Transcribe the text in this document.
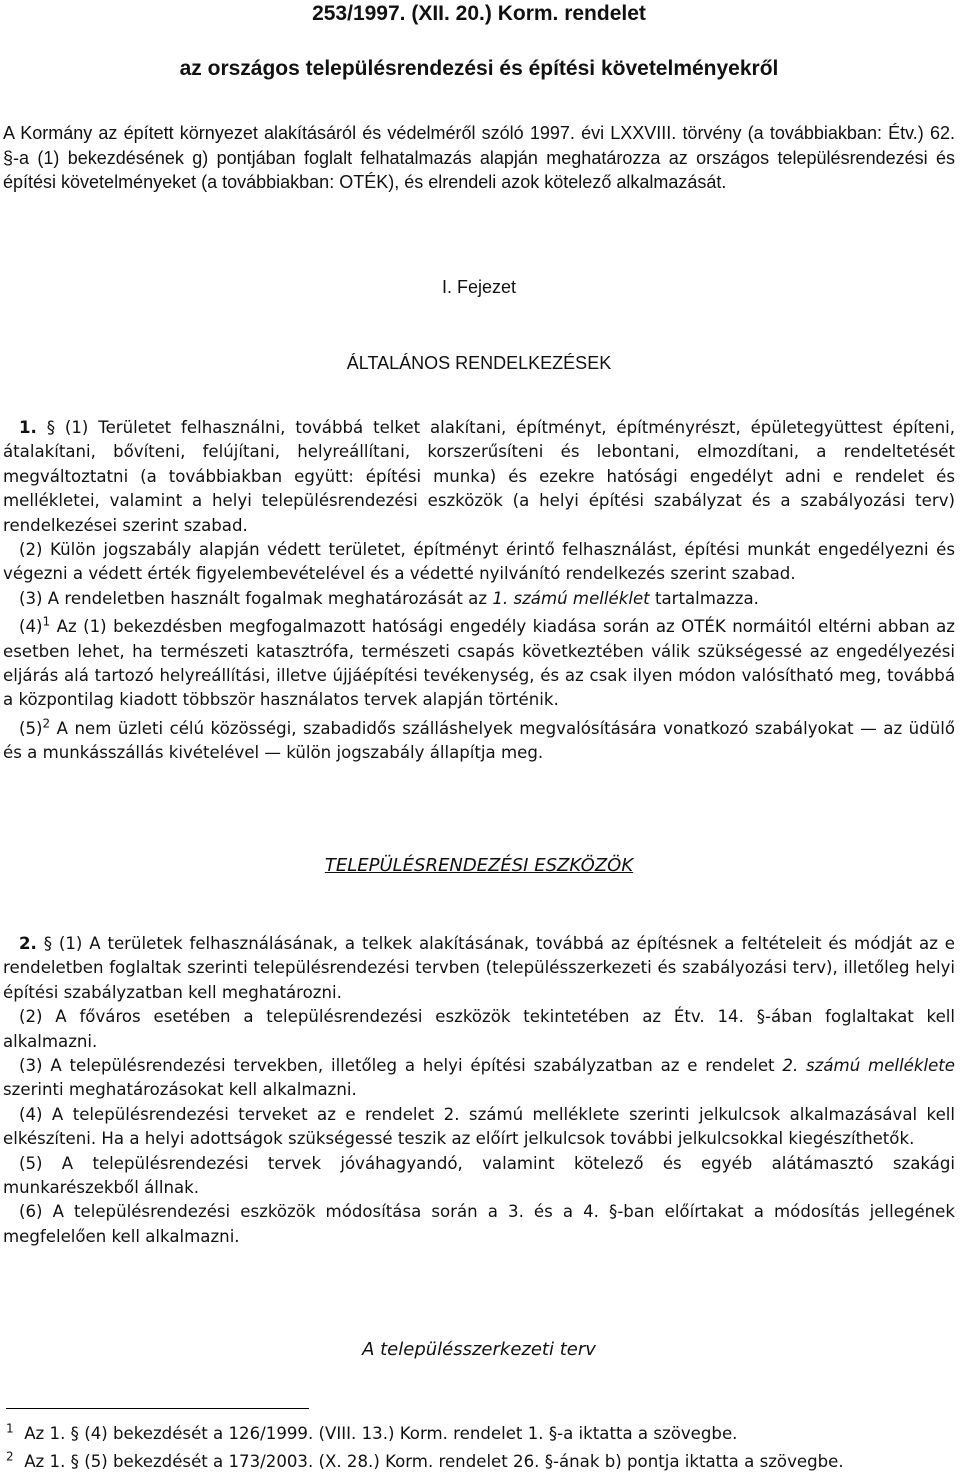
253/1997. (XII. 20.) Korm. rendelet
az országos településrendezési és építési követelményekről
A Kormány az épített környezet alakításáról és védelméről szóló 1997. évi LXXVIII. törvény (a továbbiakban: Étv.) 62. §-a (1) bekezdésének g) pontjában foglalt felhatalmazás alapján meghatározza az országos településrendezési és építési követelményeket (a továbbiakban: OTÉK), és elrendeli azok kötelező alkalmazását.
I. Fejezet
ÁLTALÁNOS RENDELKEZÉSEK

1. § (1) Területet felhasználni, továbbá telket alakítani, építményt, építményrészt, épületegyüttest építeni, átalakítani, bővíteni, felújítani, helyreállítani, korszerűsíteni és lebontani, elmozdítani, a rendeltetését megváltoztatni (a továbbiakban együtt: építési munka) és ezekre hatósági engedélyt adni e rendelet és mellékletei, valamint a helyi településrendezési eszközök (a helyi építési szabályzat és a szabályozási terv) rendelkezései szerint szabad.

(2) Külön jogszabály alapján védett területet, építményt érintő felhasználást, építési munkát engedélyezni és végezni a védett érték figyelembevételével és a védetté nyilvánító rendelkezés szerint szabad.

(3) A rendeletben használt fogalmak meghatározását az 1. számú melléklet tartalmazza.

$(4)^1$ Az (1) bekezdésben megfogalmazott hatósági engedély kiadása során az OTÉK normáitól eltérni abban az esetben lehet, ha természeti katasztrófa, természeti csapás következtében válik szükségessé az engedélyezési eljárás alá tartozó helyreállítási, illetve újjáépítési tevékenység, és az csak ilyen módon valósítható meg, továbbá a központilag kiadott többször használatos tervek alapján történik.

$(5)^2$ A nem üzleti célú közösségi, szabadidős szálláshelyek megvalósítására vonatkozó szabályokat — az üdülő és a munkásszállás kivételével — külön jogszabály állapítja meg.

TELEPÜLÉSRENDEZÉSI ESZKÖZÖK

2. § (1) A területek felhasználásának, a telkek alakításának, továbbá az építésnek a feltételeit és módját az e rendeletben foglaltak szerinti településrendezési tervben (településszerkezeti és szabályozási terv), illetőleg helyi építési szabályzatban kell meghatározni.

(2) A főváros esetében a településrendezési eszközök tekintetében az Étv. 14. §-ában foglaltakat kell alkalmazni.

(3) A településrendezési tervekben, illetőleg a helyi építési szabályzatban az e rendelet 2. számú melléklete szerinti meghatározásokat kell alkalmazni.

(4) A településrendezési terveket az e rendelet 2. számú melléklete szerinti jelkulcsok alkalmazásával kell elkészíteni. Ha a helyi adottságok szükségessé teszik az előírt jelkulcsok további jelkulcsokkal kiegészíthetők.

(5) A településrendezési tervek jóváhagyandó, valamint kötelező és egyéb alátámasztó szakági munkarészekből állnak.

(6) A településrendezési eszközök módosítása során a 3. és a 4. §-ban előírtakat a módosítás jellegének megfelelően kell alkalmazni.

A településszerkezeti terv
$^1$ Az 1. § (4) bekezdését a 126/1999. (VIII. 13.) Korm. rendelet 1. §-a iktatta a szövegbe.
$^2$ Az 1. § (5) bekezdését a 173/2003. (X. 28.) Korm. rendelet 26. §-ának b) pontja iktatta a szövegbe.
